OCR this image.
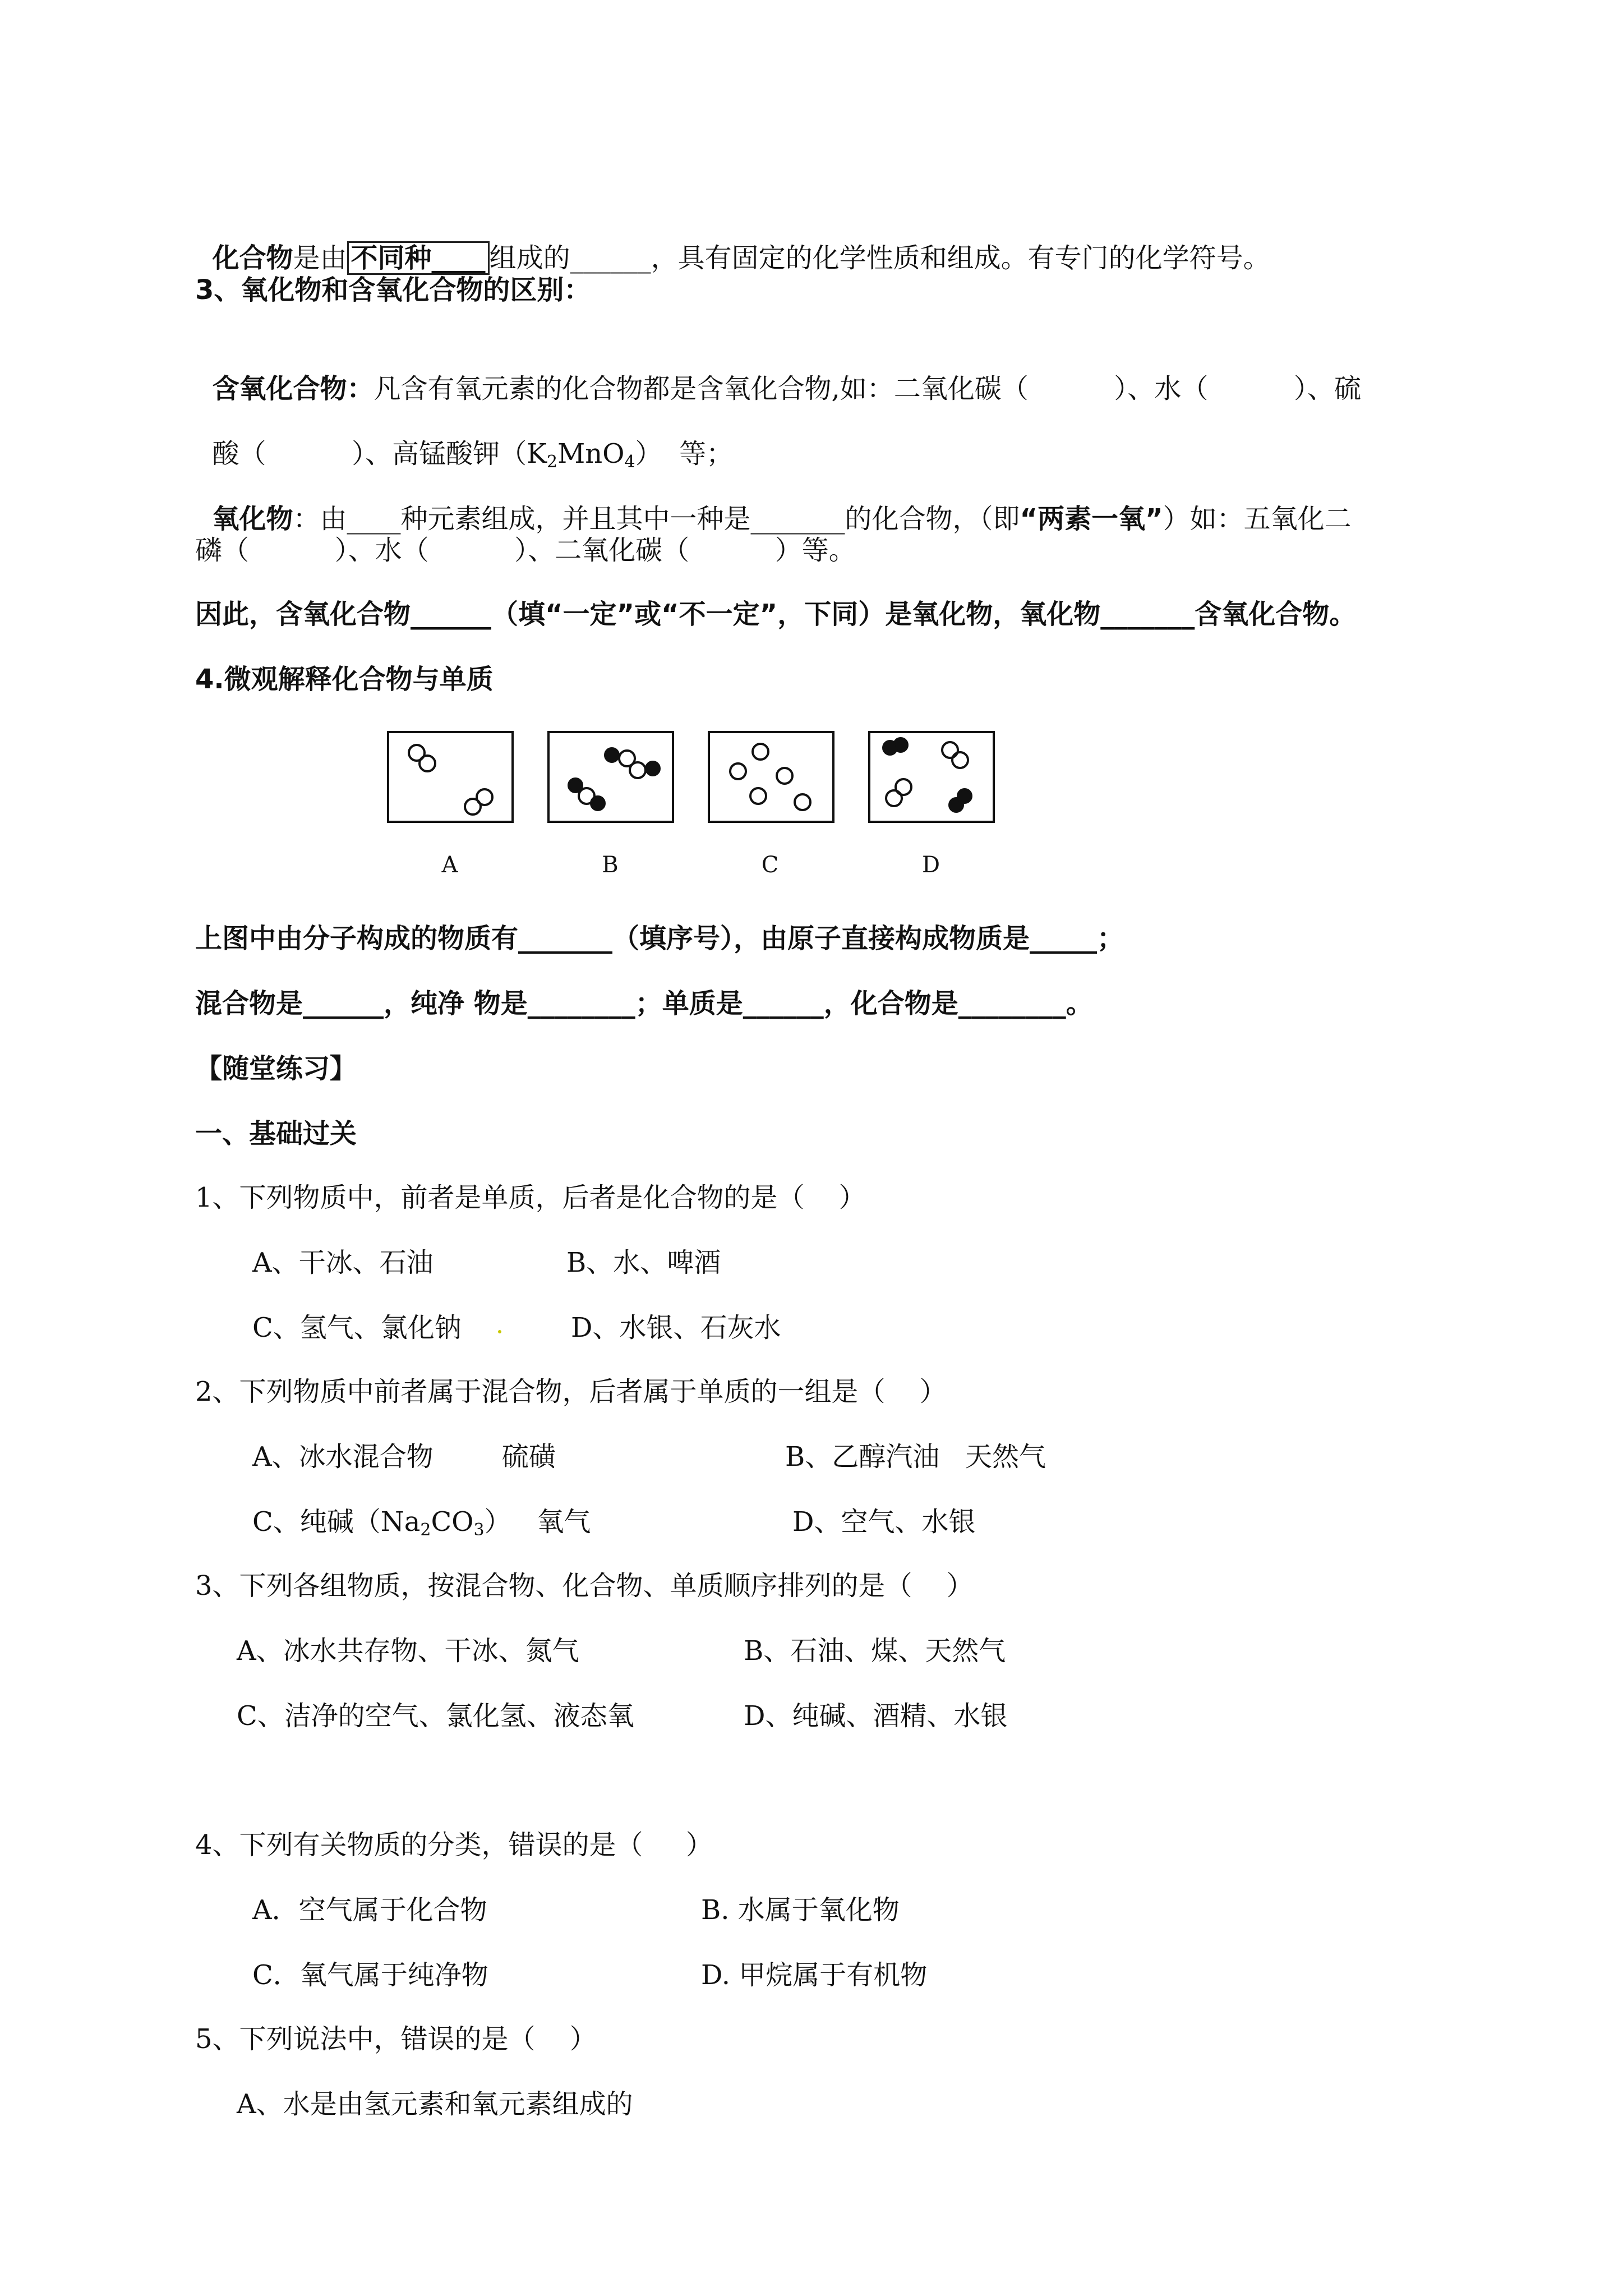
化合物是由 不同种____ 组成的______，具有固定的化学性质和组成。有专门的化学符号。

3、氧化物和含氧化合物的区别：

含氧化合物：凡含有氧元素的化合物都是含氧化合物,如：二氧化碳（          ）、水（          ）、硫

酸（          ）、高锰酸钾$(K_2MnO_4)$  等；

氧化物：由____种元素组成，并且其中一种是_______的化合物，（即“两素一氧”）如：五氧化二

磷（          ）、水（          ）、二氧化碳（          ）等。
因此，含氧化合物______（填“一定”或“不一定”，下同）是氧化物，氧化物_______含氧化合物。
4.微观解释化合物与单质
A	B	C	D
上图中由分子构成的物质有_______（填序号），由原子直接构成物质是_____；
混合物是______，纯净 物是________；单质是______，化合物是________。
【随堂练习】
一、基础过关
1、下列物质中，前者是单质，后者是化合物的是（    ）
A、干冰、石油	B、水、啤酒
C、氢气、氯化钠	D、水银、石灰水
2、下列物质中前者属于混合物，后者属于单质的一组是（    ）
A、冰水混合物        硫磺	B、乙醇汽油   天然气
C、纯碱$(Na_2CO_3)$   氧气	D、空气、水银
3、下列各组物质，按混合物、化合物、单质顺序排列的是（    ）
A、冰水共存物、干冰、氮气	B、石油、煤、天然气
C、洁净的空气、氯化氢、液态氧	D、纯碱、酒精、水银
4、下列有关物质的分类，错误的是（     ）
A．空气属于化合物	B. 水属于氧化物
C．氧气属于纯净物	D. 甲烷属于有机物
5、下列说法中，错误的是（    ）
A、水是由氢元素和氧元素组成的
